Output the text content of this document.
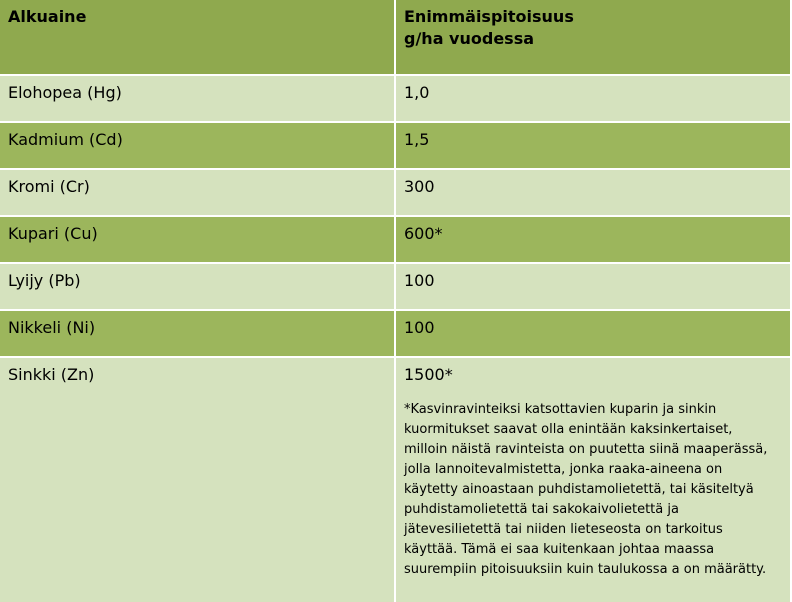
Alkuaine	Enimmäispitoisuus
g/ha vuodessa
Elohopea (Hg)	1,0
Kadmium (Cd)	1,5
Kromi (Cr)	300
Kupari (Cu)	600*
Lyijy (Pb)	100
Nikkeli (Ni)	100
Sinkki (Zn)	1500*
*Kasvinravinteiksi katsottavien kuparin ja sinkin kuormitukset saavat olla enintään kaksinkertaiset, milloin näistä ravinteista on puutetta siinä maaperässä, jolla lannoitevalmistetta, jonka raaka-aineena on käytetty ainoastaan puhdistamolietettä, tai käsiteltyä puhdistamolietettä tai sakokaivolietettä ja jätevesilietettä tai niiden lieteseosta on tarkoitus käyttää. Tämä ei saa kuitenkaan johtaa maassa suurempiin pitoisuuksiin kuin taulukossa a on määrätty.
